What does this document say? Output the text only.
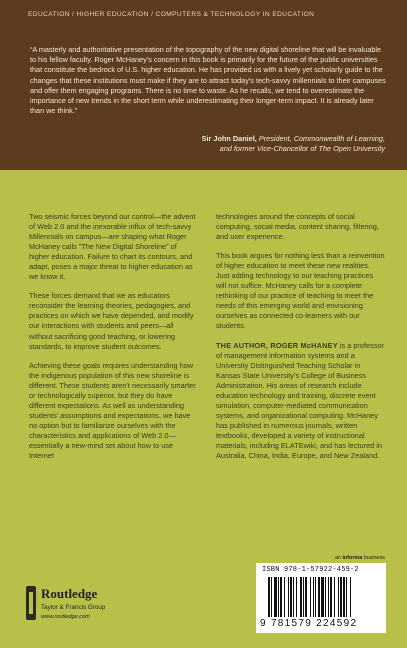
EDUCATION / HIGHER EDUCATION / COMPUTERS & TECHNOLOGY IN EDUCATION

“A masterly and authoritative presentation of the topography of the new digital shoreline that will be invaluable to his fellow faculty. Roger McHaney’s concern in this book is primarily for the future of the public universities that constitute the bedrock of U.S. higher education. He has provided us with a lively yet scholarly guide to the changes that these institutions must make if they are to attract today’s tech-savvy millennials to their campuses and offer them engaging programs. There is no time to waste. As he recalls, we tend to overestimate the importance of new trends in the short term while underestimating their longer-term impact. It is already later than we think.”

Sir John Daniel, President, Commonwealth of Learning,
and former Vice-Chancellor of The Open University

Two seismic forces beyond our control—the advent of Web 2.0 and the inexorable influx of tech-savvy Millennials on campus—are shaping what Roger McHaney calls “The New Digital Shoreline” of higher education. Failure to chart its contours, and adapt, poses a major threat to higher education as we know it.

These forces demand that we as educators reconsider the learning theories, pedagogies, and practices on which we have depended, and modify our interactions with students and peers—all without sacrificing good teaching, or lowering standards, to improve student outcomes.

Achieving these goals requires understanding how the indigenous population of this new shoreline is different. These students aren’t necessarily smarter or technologically superior, but they do have different expectations. As well as understanding students’ assumptions and expectations, we have no option but to familiarize ourselves with the characteristics and applications of Web 2.0—essentially a new-mind set about how to use Internet

technologies around the concepts of social computing, social media, content sharing, filtering, and user experience.

This book argues for nothing less than a reinvention of higher education to meet these new realities. Just adding technology to our teaching practices will not suffice. McHaney calls for a complete rethinking of our practice of teaching to meet the needs of this emerging world and envisioning ourselves as connected co-learners with our students.

THE AUTHOR, ROGER McHANEY is a professor of management information systems and a University Distinguished Teaching Scholar in Kansas State University’s College of Business Administration. His areas of research include education technology and training, discrete event simulation, computer-mediated communication systems, and organizational computing. McHaney has published in numerous journals, written textbooks, developed a variety of instructional materials, including ELATEwiki, and has lectured in Australia, China, India, Europe, and New Zealand.

Routledge
Taylor & Francis Group
www.routledge.com
an informa business
ISBN 978-1-57922-459-2
9 781579 224592
